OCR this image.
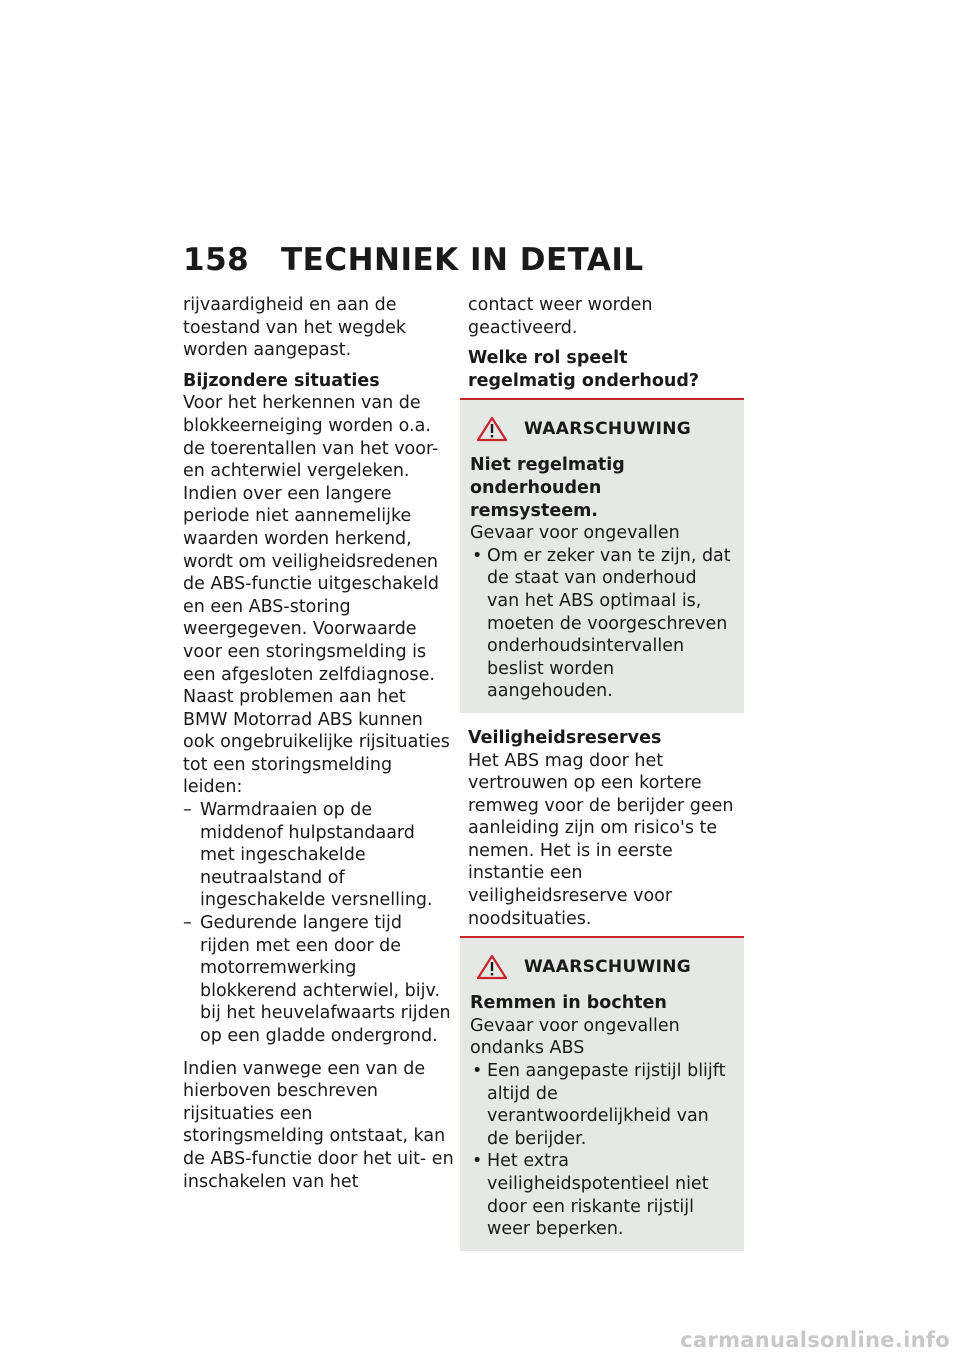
158 TECHNIEK IN DETAIL

rijvaardigheid en aan de toestand van het wegdek worden aangepast.

Bijzondere situaties

Voor het herkennen van de blokkeerneiging worden o.a. de toerentallen van het voor- en achterwiel vergeleken. Indien over een langere periode niet aannemelijke waarden worden herkend, wordt om veiligheidsredenen de ABS-functie uitgeschakeld en een ABS-storing weergegeven. Voorwaarde voor een storingsmelding is een afgesloten zelfdiagnose.

Naast problemen aan het BMW Motorrad ABS kunnen ook ongebruikelijke rijsituaties tot een storingsmelding leiden:

– Warmdraaien op de middenof hulpstandaard met ingeschakelde neutraalstand of ingeschakelde versnelling.
– Gedurende langere tijd rijden met een door de motorremwerking blokkerend achterwiel, bijv. bij het heuvelafwaarts rijden op een gladde ondergrond.

Indien vanwege een van de hierboven beschreven rijsituaties een storingsmelding ontstaat, kan de ABS-functie door het uit- en inschakelen van het

contact weer worden geactiveerd.

Welke rol speelt regelmatig onderhoud?
WAARSCHUWING
Niet regelmatig onderhouden remsysteem.
Gevaar voor ongevallen
• Om er zeker van te zijn, dat de staat van onderhoud van het ABS optimaal is, moeten de voorgeschreven onderhoudsintervallen beslist worden aangehouden.
Veiligheidsreserves

Het ABS mag door het vertrouwen op een kortere remweg voor de berijder geen aanleiding zijn om risico's te nemen. Het is in eerste instantie een veiligheidsreserve voor noodsituaties.

WAARSCHUWING
Remmen in bochten
Gevaar voor ongevallen ondanks ABS
• Een aangepaste rijstijl blijft altijd de verantwoordelijkheid van de berijder.
• Het extra veiligheidspotentieel niet door een riskante rijstijl weer beperken.
carmanualsonline.info
